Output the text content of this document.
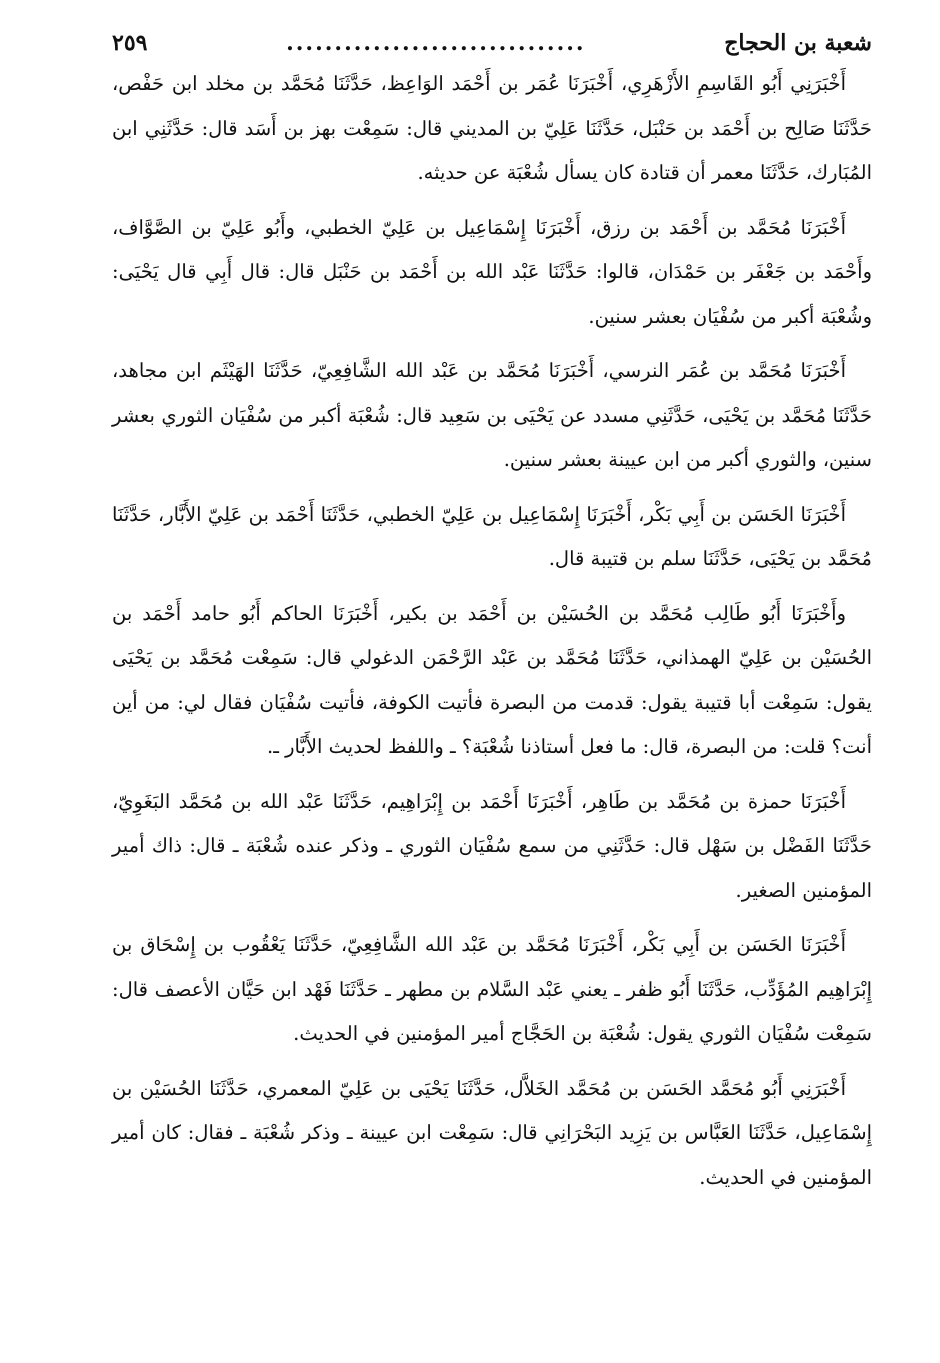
شعبة بن الحجاج
...............................
٢٥٩

أَخْبَرَنِي أَبُو القَاسِمِ الأَزْهَرِي، أَخْبَرَنَا عُمَر بن أَحْمَد الوَاعِظ، حَدَّثَنَا مُحَمَّد بن مخلد ابن حَفْص، حَدَّثَنَا صَالِح بن أَحْمَد بن حَنْبَل، حَدَّثَنَا عَلِيّ بن المديني قال: سَمِعْت بهز بن أَسَد قال: حَدَّثَنِي ابن المُبَارك، حَدَّثَنَا معمر أن قتادة كان يسأل شُعْبَة عن حديثه.

أَخْبَرَنَا مُحَمَّد بن أَحْمَد بن رزق، أَخْبَرَنَا إِسْمَاعِيل بن عَلِيّ الخطبي، وأَبُو عَلِيّ بن الصَّوَّاف، وأَحْمَد بن جَعْفَر بن حَمْدَان، قالوا: حَدَّثَنَا عَبْد الله بن أَحْمَد بن حَنْبَل قال: قال أَبِي قال يَحْيَى: وشُعْبَة أكبر من سُفْيَان بعشر سنين.

أَخْبَرَنَا مُحَمَّد بن عُمَر النرسي، أَخْبَرَنَا مُحَمَّد بن عَبْد الله الشَّافِعِيّ، حَدَّثَنَا الهَيْثَم ابن مجاهد، حَدَّثَنَا مُحَمَّد بن يَحْيَى، حَدَّثَنِي مسدد عن يَحْيَى بن سَعِيد قال: شُعْبَة أكبر من سُفْيَان الثوري بعشر سنين، والثوري أكبر من ابن عيينة بعشر سنين.

أَخْبَرَنَا الحَسَن بن أَبِي بَكْر، أَخْبَرَنَا إِسْمَاعِيل بن عَلِيّ الخطبي، حَدَّثَنَا أَحْمَد بن عَلِيّ الأَبَّار، حَدَّثَنَا مُحَمَّد بن يَحْيَى، حَدَّثَنَا سلم بن قتيبة قال.

وأَخْبَرَنَا أَبُو طَالِب مُحَمَّد بن الحُسَيْن بن أَحْمَد بن بكير، أَخْبَرَنَا الحاكم أَبُو حامد أَحْمَد بن الحُسَيْن بن عَلِيّ الهمذاني، حَدَّثَنَا مُحَمَّد بن عَبْد الرَّحْمَن الدغولي قال: سَمِعْت مُحَمَّد بن يَحْيَى يقول: سَمِعْت أبا قتيبة يقول: قدمت من البصرة فأتيت الكوفة، فأتيت سُفْيَان فقال لي: من أين أنت؟ قلت: من البصرة، قال: ما فعل أستاذنا شُعْبَة؟ ـ واللفظ لحديث الأَبَّار ـ.

أَخْبَرَنَا حمزة بن مُحَمَّد بن طَاهِر، أَخْبَرَنَا أَحْمَد بن إِبْرَاهِيم، حَدَّثَنَا عَبْد الله بن مُحَمَّد البَغَوِيّ، حَدَّثَنَا الفَضْل بن سَهْل قال: حَدَّثَنِي من سمع سُفْيَان الثوري ـ وذكر عنده شُعْبَة ـ قال: ذاك أمير المؤمنين الصغير.

أَخْبَرَنَا الحَسَن بن أَبِي بَكْر، أَخْبَرَنَا مُحَمَّد بن عَبْد الله الشَّافِعِيّ، حَدَّثَنَا يَعْقُوب بن إِسْحَاق بن إِبْرَاهِيم المُؤَدِّب، حَدَّثَنَا أَبُو ظفر ـ يعني عَبْد السَّلام بن مطهر ـ حَدَّثَنَا فَهْد ابن حَيَّان الأعصف قال: سَمِعْت سُفْيَان الثوري يقول: شُعْبَة بن الحَجَّاج أمير المؤمنين في الحديث.

أَخْبَرَنِي أَبُو مُحَمَّد الحَسَن بن مُحَمَّد الخَلاَّل، حَدَّثَنَا يَحْيَى بن عَلِيّ المعمري، حَدَّثَنَا الحُسَيْن بن إِسْمَاعِيل، حَدَّثَنَا العَبَّاس بن يَزِيد البَحْرَانِي قال: سَمِعْت ابن عيينة ـ وذكر شُعْبَة ـ فقال: كان أمير المؤمنين في الحديث.
